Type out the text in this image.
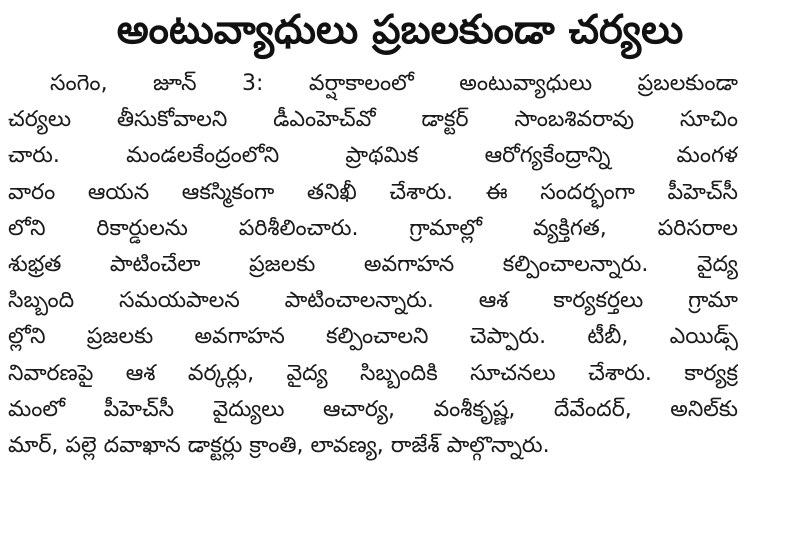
అంటువ్యాధులు ప్రబలకుండా చర్యలు
సంగెం, జూన్ 3: వర్షాకాలంలో అంటువ్యాధులు ప్రబలకుండా
చర్యలు తీసుకోవాలని డీఎంహెచ్‌వో డాక్టర్ సాంబశివరావు సూచిం
చారు. మండలకేంద్రంలోని ప్రాథమిక ఆరోగ్యకేంద్రాన్ని మంగళ
వారం ఆయన ఆకస్మికంగా తనిఖీ చేశారు. ఈ సందర్భంగా పీహెచ్‌సీ
లోని రికార్డులను పరిశీలించారు. గ్రామాల్లో వ్యక్తిగత, పరిసరాల
శుభ్రత పాటించేలా ప్రజలకు అవగాహన కల్పించాలన్నారు. వైద్య
సిబ్బంది సమయపాలన పాటించాలన్నారు. ఆశ కార్యకర్తలు గ్రామా
ల్లోని ప్రజలకు అవగాహన కల్పించాలని చెప్పారు. టీబీ, ఎయిడ్స్
నివారణపై ఆశ వర్కర్లు, వైద్య సిబ్బందికి సూచనలు చేశారు. కార్యక్ర
మంలో పీహెచ్‌సీ వైద్యులు ఆచార్య, వంశీకృష్ణ, దేవేందర్, అనిల్‌కు
మార్, పల్లె దవాఖాన డాక్టర్లు క్రాంతి, లావణ్య, రాజేశ్ పాల్గొన్నారు.
